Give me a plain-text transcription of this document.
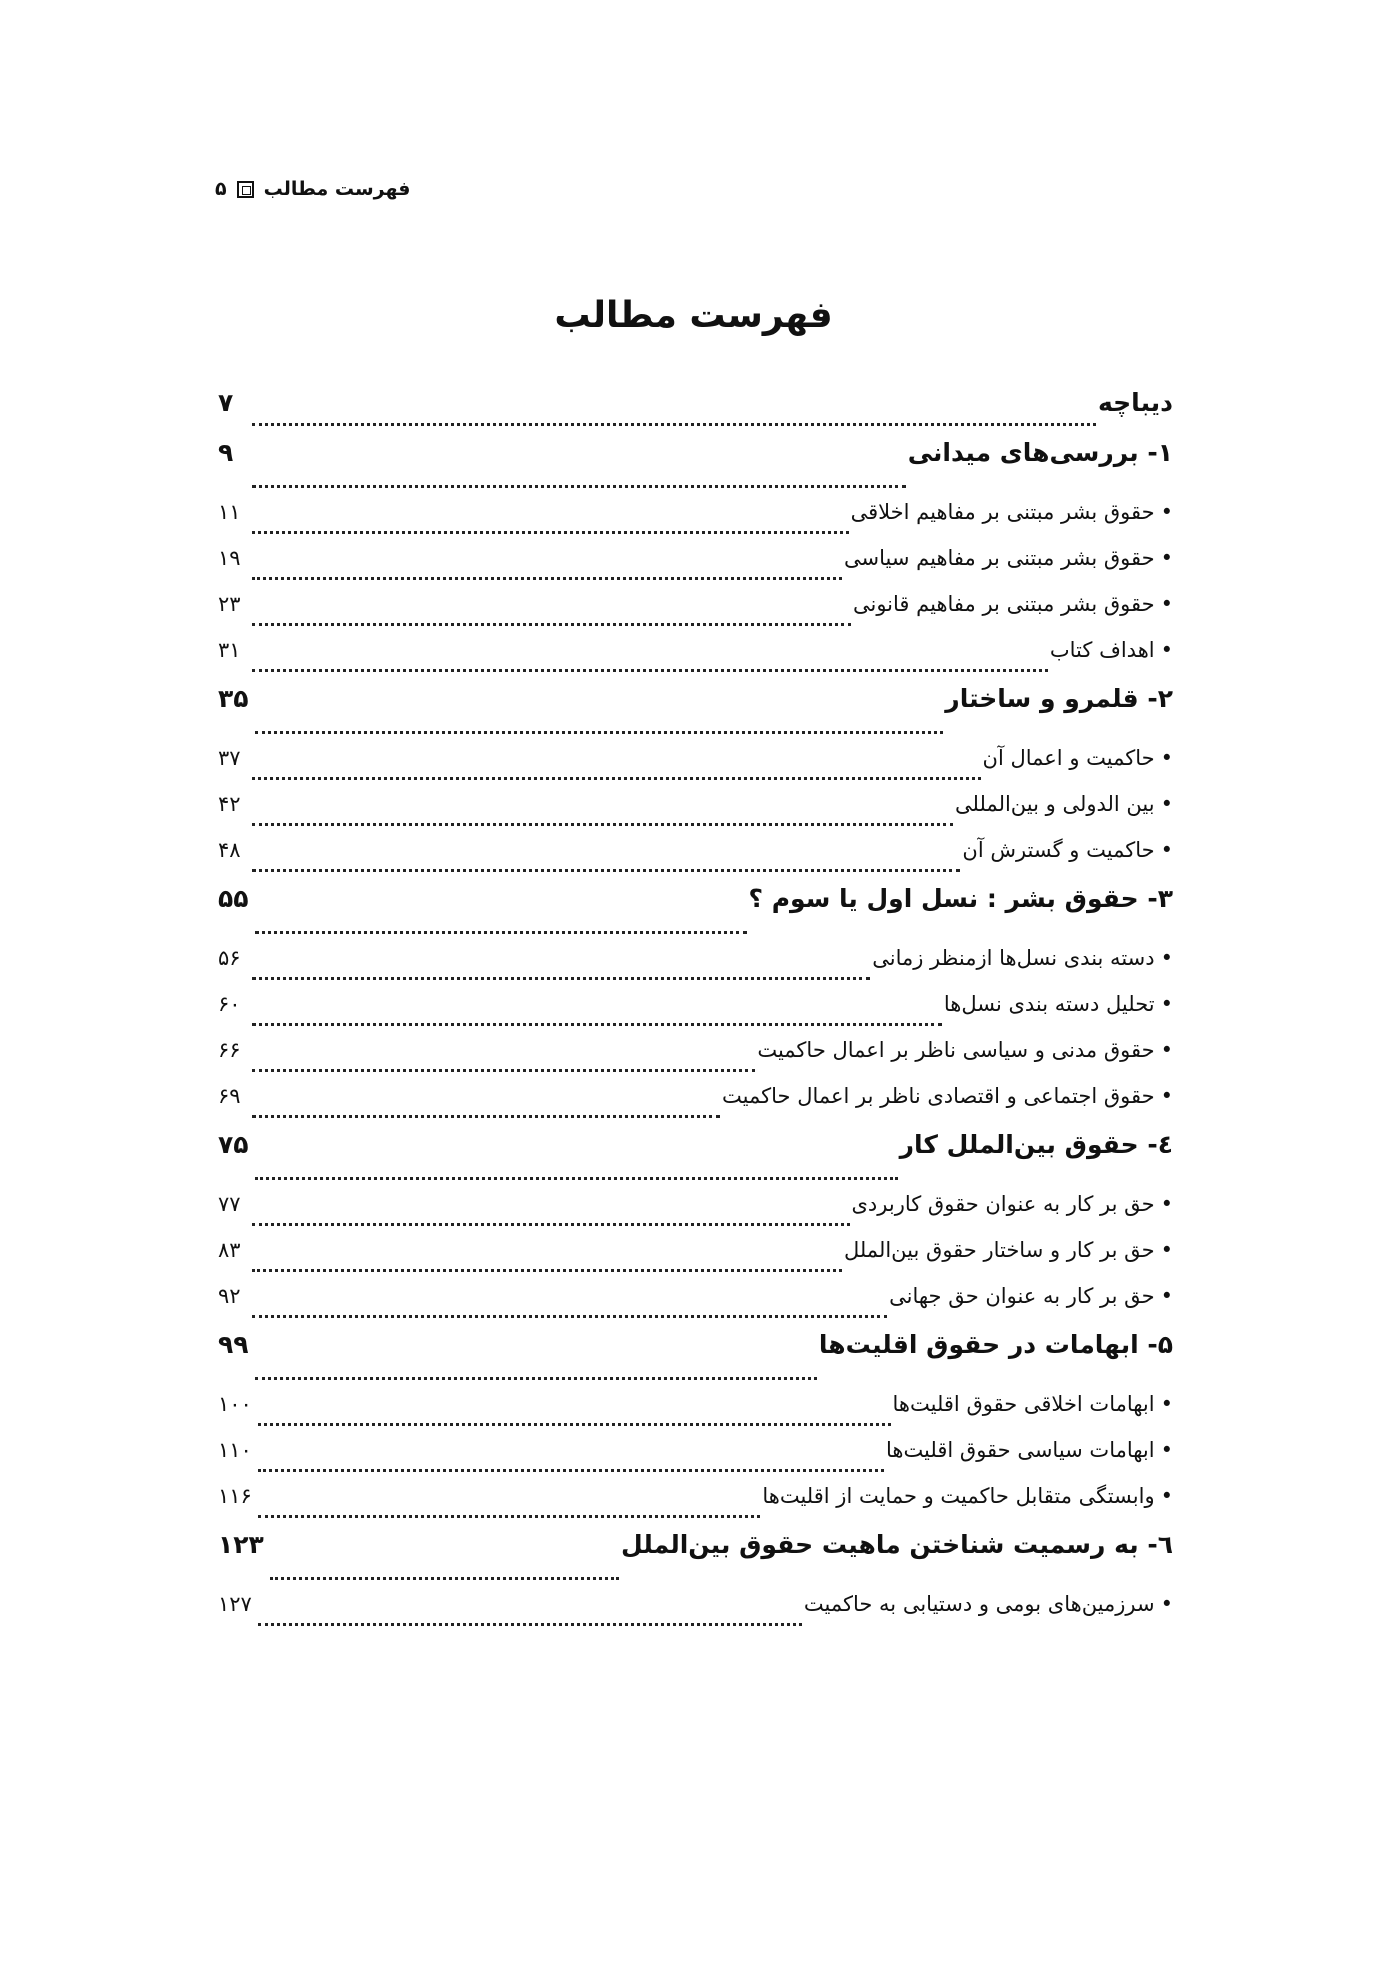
فهرست مطالب
۵
فهرست مطالب
دیباچه
۷
۱- بررسی‌های میدانی
۹
•
حقوق بشر مبتنی بر مفاهیم اخلاقی
۱۱
•
حقوق بشر مبتنی بر مفاهیم سیاسی
۱۹
•
حقوق بشر مبتنی بر مفاهیم قانونی
۲۳
•
اهداف کتاب
۳۱
۲- قلمرو و ساختار
۳۵
•
حاکمیت و اعمال آن
۳۷
•
بین الدولی و بین‌المللی
۴۲
•
حاکمیت و گسترش آن
۴۸
۳- حقوق بشر : نسل اول یا سوم ؟
۵۵
•
دسته بندی نسل‌ها ازمنظر زمانی
۵۶
•
تحلیل دسته بندی نسل‌ها
۶۰
•
حقوق مدنی و سیاسی ناظر بر اعمال حاکمیت
۶۶
•
حقوق اجتماعی و اقتصادی ناظر بر اعمال حاکمیت
۶۹
٤- حقوق بین‌الملل کار
۷۵
•
حق بر کار به عنوان حقوق کاربردی
۷۷
•
حق بر کار و ساختار حقوق بین‌الملل
۸۳
•
حق بر کار به عنوان حق جهانی
۹۲
۵- ابهامات در حقوق اقلیت‌ها
۹۹
•
ابهامات اخلاقی حقوق اقلیت‌ها
۱۰۰
•
ابهامات سیاسی حقوق اقلیت‌ها
۱۱۰
•
وابستگی متقابل حاکمیت و حمایت از اقلیت‌ها
۱۱۶
٦- به رسمیت شناختن ماهیت حقوق بین‌الملل
۱۲۳
•
سرزمین‌های بومی و دستیابی به حاکمیت
۱۲۷
